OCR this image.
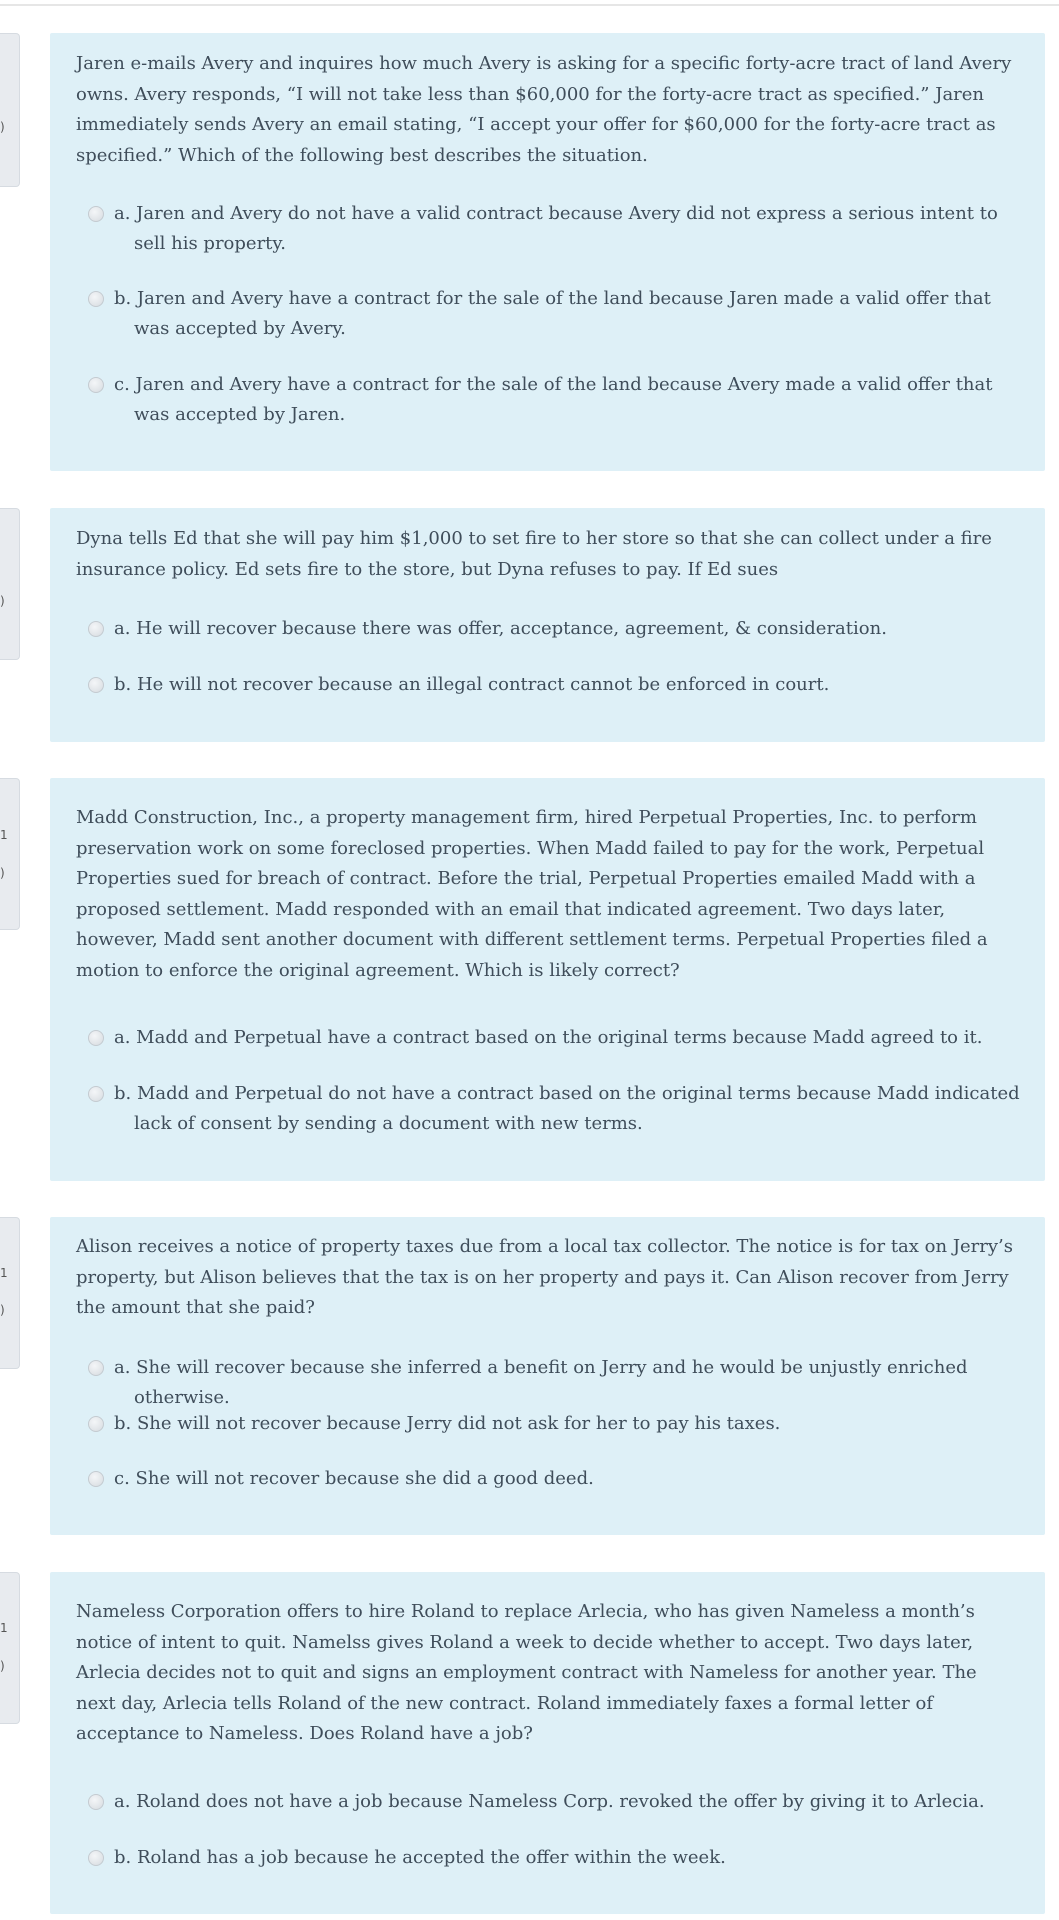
)

Jaren e-mails Avery and inquires how much Avery is asking for a specific forty-acre tract of land Avery owns. Avery responds, “I will not take less than $60,000 for the forty-acre tract as specified.” Jaren immediately sends Avery an email stating, “I accept your offer for $60,000 for the forty-acre tract as specified.” Which of the following best describes the situation.

a. Jaren and Avery do not have a valid contract because Avery did not express a serious intent to sell his property.
b. Jaren and Avery have a contract for the sale of the land because Jaren made a valid offer that was accepted by Avery.
c. Jaren and Avery have a contract for the sale of the land because Avery made a valid offer that was accepted by Jaren.
)

Dyna tells Ed that she will pay him $1,000 to set fire to her store so that she can collect under a fire insurance policy. Ed sets fire to the store, but Dyna refuses to pay. If Ed sues

a. He will recover because there was offer, acceptance, agreement, & consideration.
b. He will not recover because an illegal contract cannot be enforced in court.
1
)

Madd Construction, Inc., a property management firm, hired Perpetual Properties, Inc. to perform preservation work on some foreclosed properties. When Madd failed to pay for the work, Perpetual Properties sued for breach of contract. Before the trial, Perpetual Properties emailed Madd with a proposed settlement. Madd responded with an email that indicated agreement. Two days later, however, Madd sent another document with different settlement terms. Perpetual Properties filed a motion to enforce the original agreement. Which is likely correct?

a. Madd and Perpetual have a contract based on the original terms because Madd agreed to it.
b. Madd and Perpetual do not have a contract based on the original terms because Madd indicated lack of consent by sending a document with new terms.
1
)

Alison receives a notice of property taxes due from a local tax collector. The notice is for tax on Jerry’s property, but Alison believes that the tax is on her property and pays it. Can Alison recover from Jerry the amount that she paid?

a. She will recover because she inferred a benefit on Jerry and he would be unjustly enriched otherwise.
b. She will not recover because Jerry did not ask for her to pay his taxes.
c. She will not recover because she did a good deed.
1
)

Nameless Corporation offers to hire Roland to replace Arlecia, who has given Nameless a month’s notice of intent to quit. Namelss gives Roland a week to decide whether to accept. Two days later, Arlecia decides not to quit and signs an employment contract with Nameless for another year. The next day, Arlecia tells Roland of the new contract. Roland immediately faxes a formal letter of acceptance to Nameless. Does Roland have a job?

a. Roland does not have a job because Nameless Corp. revoked the offer by giving it to Arlecia.
b. Roland has a job because he accepted the offer within the week.
